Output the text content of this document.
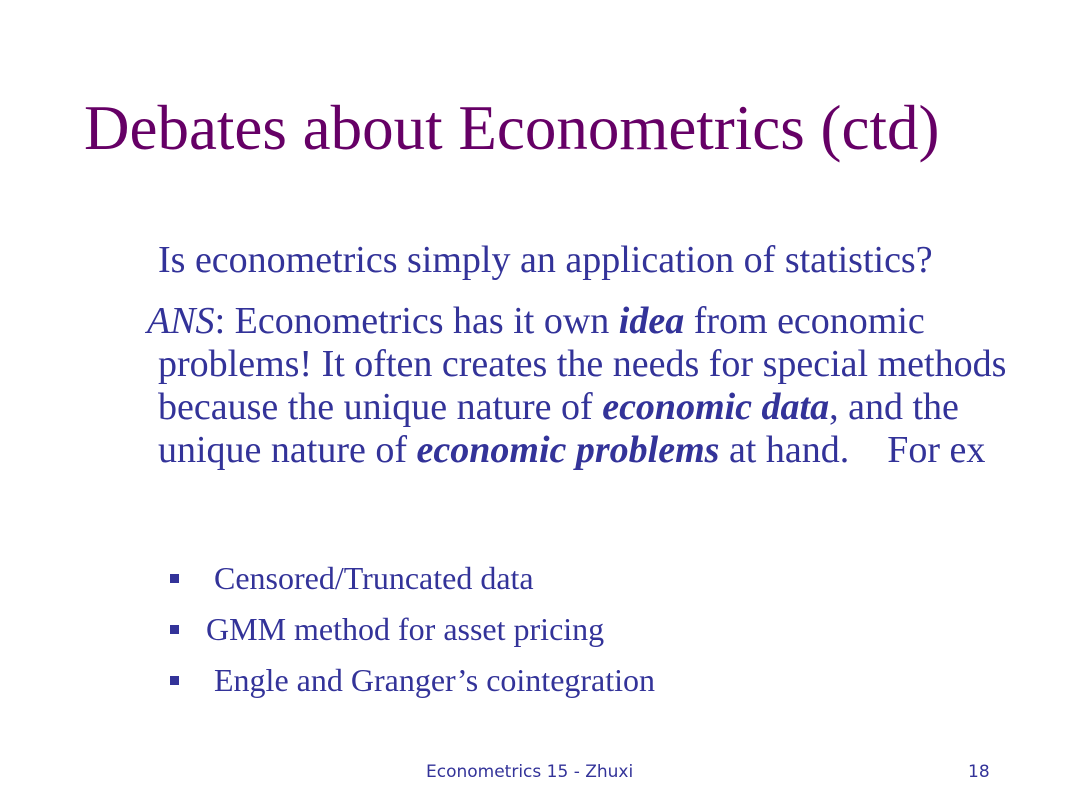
Debates about Econometrics (ctd)
Is econometrics simply an application of statistics?
ANS: Econometrics has it own idea from economic problems! It often creates the needs for special methods because the unique nature of economic data, and the unique nature of economic problems at hand.    For ex
Censored/Truncated data
GMM method for asset pricing
Engle and Granger’s cointegration
Econometrics 15 - Zhuxi	18
